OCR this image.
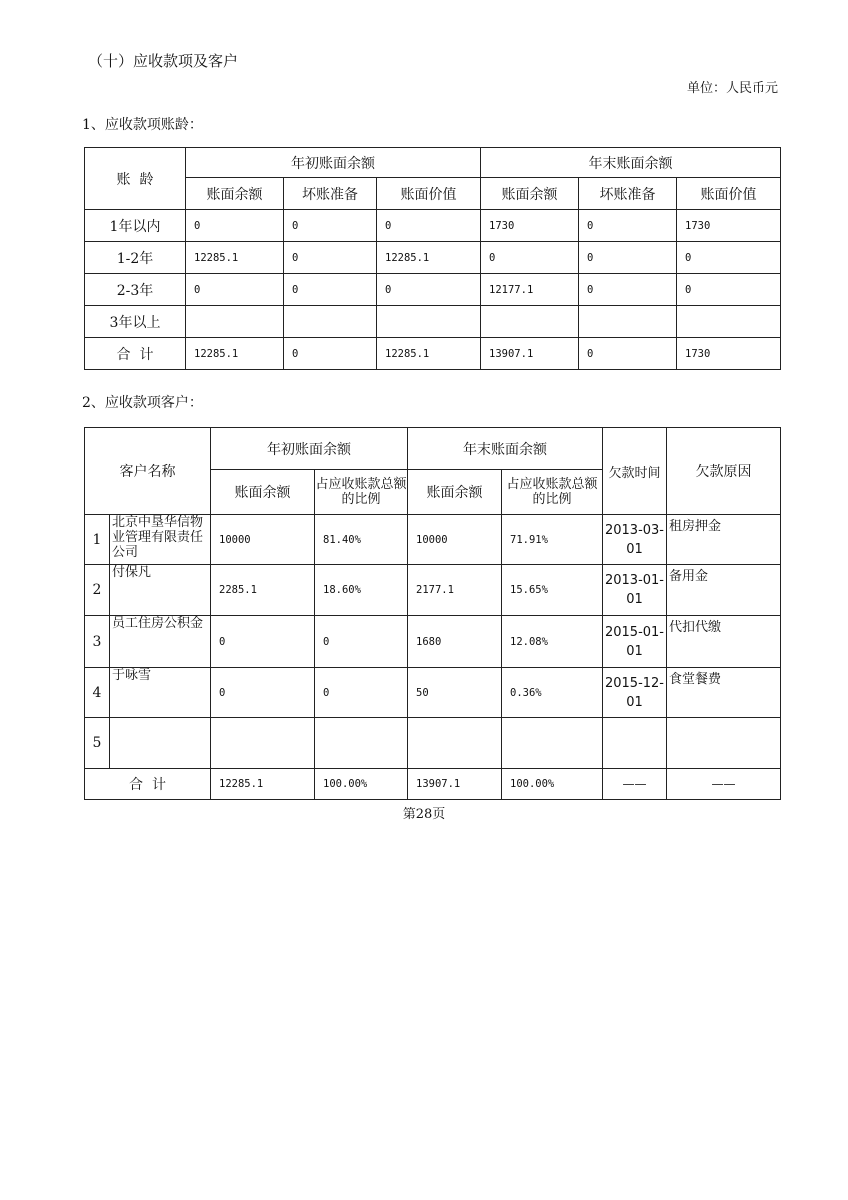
（十）应收款项及客户
单位：人民币元
1、应收款项账龄：
账  龄	年初账面余额			年末账面余额		
	账面余额	坏账准备	账面价值	账面余额	坏账准备	账面价值
1年以内	0	0	0	1730	0	1730
1-2年	12285.1	0	12285.1	0	0	0
2-3年	0	0	0	12177.1	0	0
3年以上						
合  计	12285.1	0	12285.1	13907.1	0	1730
2、应收款项客户：
客户名称		年初账面余额		年末账面余额		欠款时间	欠款原因
		账面余额	占应收账款总额的比例	账面余额	占应收账款总额的比例		
1	北京中垦华信物业管理有限责任公司	10000	81.40%	10000	71.91%	2013-03-01	租房押金
2	付保凡	2285.1	18.60%	2177.1	15.65%	2013-01-01	备用金
3	员工住房公积金	0	0	1680	12.08%	2015-01-01	代扣代缴
4	于咏雪	0	0	50	0.36%	2015-12-01	食堂餐费
5							
合  计		12285.1	100.00%	13907.1	100.00%	——	——
第28页
